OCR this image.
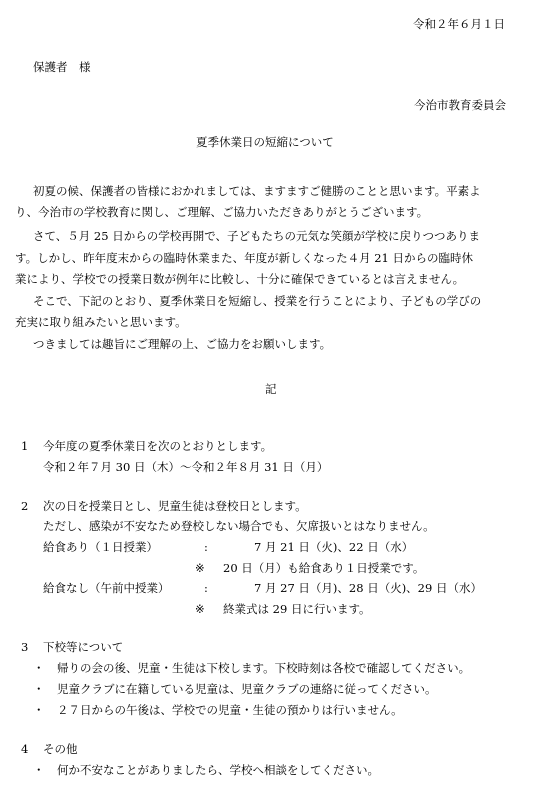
令和２年６月１日
保護者　様
今治市教育委員会
夏季休業日の短縮について
初夏の候、保護者の皆様におかれましては、ますますご健勝のことと思います。平素よ
り、今治市の学校教育に関し、ご理解、ご協力いただきありがとうございます。
さて、５月 25 日からの学校再開で、子どもたちの元気な笑顔が学校に戻りつつありま
す。しかし、昨年度末からの臨時休業また、年度が新しくなった４月 21 日からの臨時休
業により、学校での授業日数が例年に比較し、十分に確保できているとは言えません。
そこで、下記のとおり、夏季休業日を短縮し、授業を行うことにより、子どもの学びの
充実に取り組みたいと思います。
つきましては趣旨にご理解の上、ご協力をお願いします。
記
1 今年度の夏季休業日を次のとおりとします。
令和２年７月 30 日（木）〜令和２年８月 31 日（月）
2 次の日を授業日とし、児童生徒は登校日とします。
ただし、感染が不安なため登校しない場合でも、欠席扱いとはなりません。
給食あり（１日授業）	:	7 月 21 日（火)、22 日（水）
※ 20 日（月）も給食あり１日授業です。
給食なし（午前中授業）	:	7 月 27 日（月)、28 日（火)、29 日（水）
※ 終業式は 29 日に行います。
3 下校等について
・ 帰りの会の後、児童・生徒は下校します。下校時刻は各校で確認してください。
・ 児童クラブに在籍している児童は、児童クラブの連絡に従ってください。
・ ２７日からの午後は、学校での児童・生徒の預かりは行いません。
4 その他
・ 何か不安なことがありましたら、学校へ相談をしてください。
